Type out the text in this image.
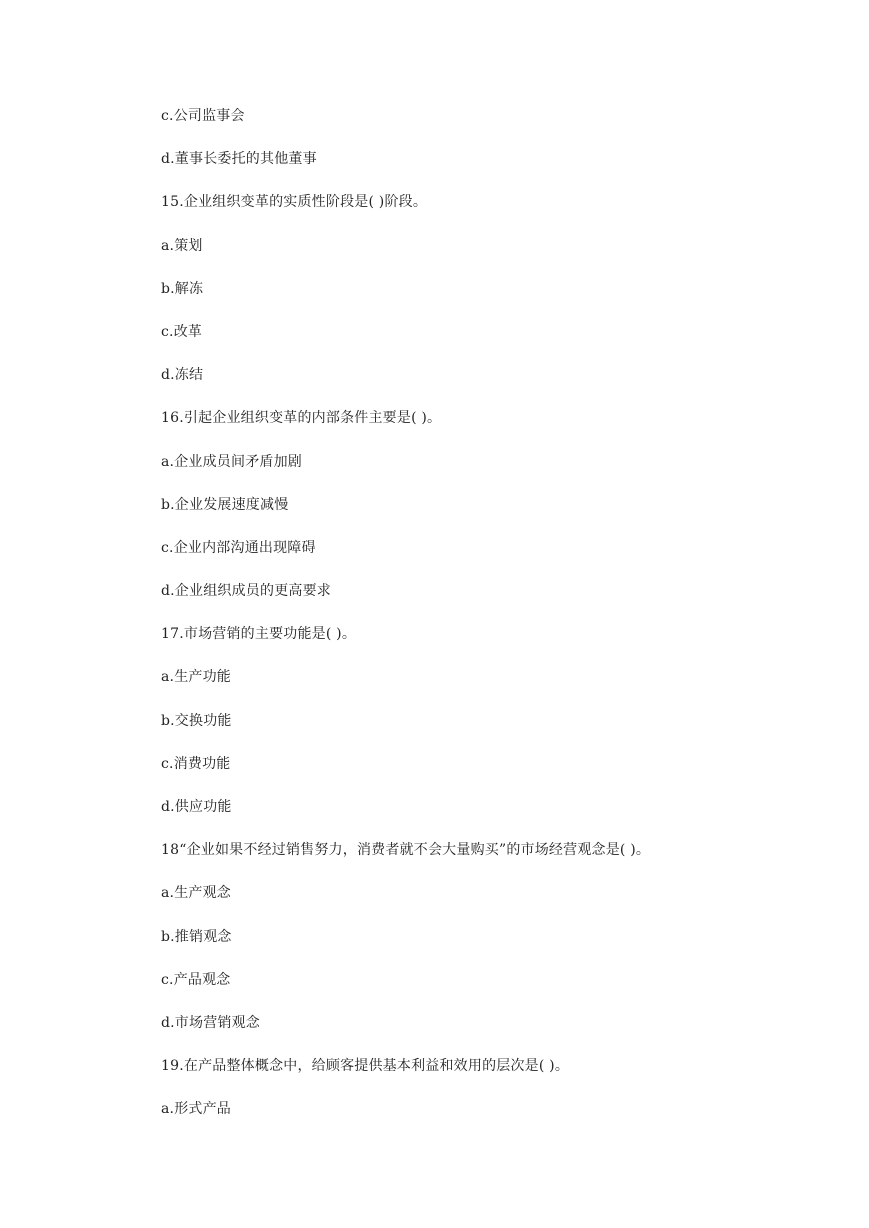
c.公司监事会
d.董事长委托的其他董事
15.企业组织变革的实质性阶段是( )阶段。
a.策划
b.解冻
c.改革
d.冻结
16.引起企业组织变革的内部条件主要是( )。
a.企业成员间矛盾加剧
b.企业发展速度减慢
c.企业内部沟通出现障碍
d.企业组织成员的更高要求
17.市场营销的主要功能是( )。
a.生产功能
b.交换功能
c.消费功能
d.供应功能
18“企业如果不经过销售努力，消费者就不会大量购买”的市场经营观念是( )。
a.生产观念
b.推销观念
c.产品观念
d.市场营销观念
19.在产品整体概念中，给顾客提供基本利益和效用的层次是( )。
a.形式产品
